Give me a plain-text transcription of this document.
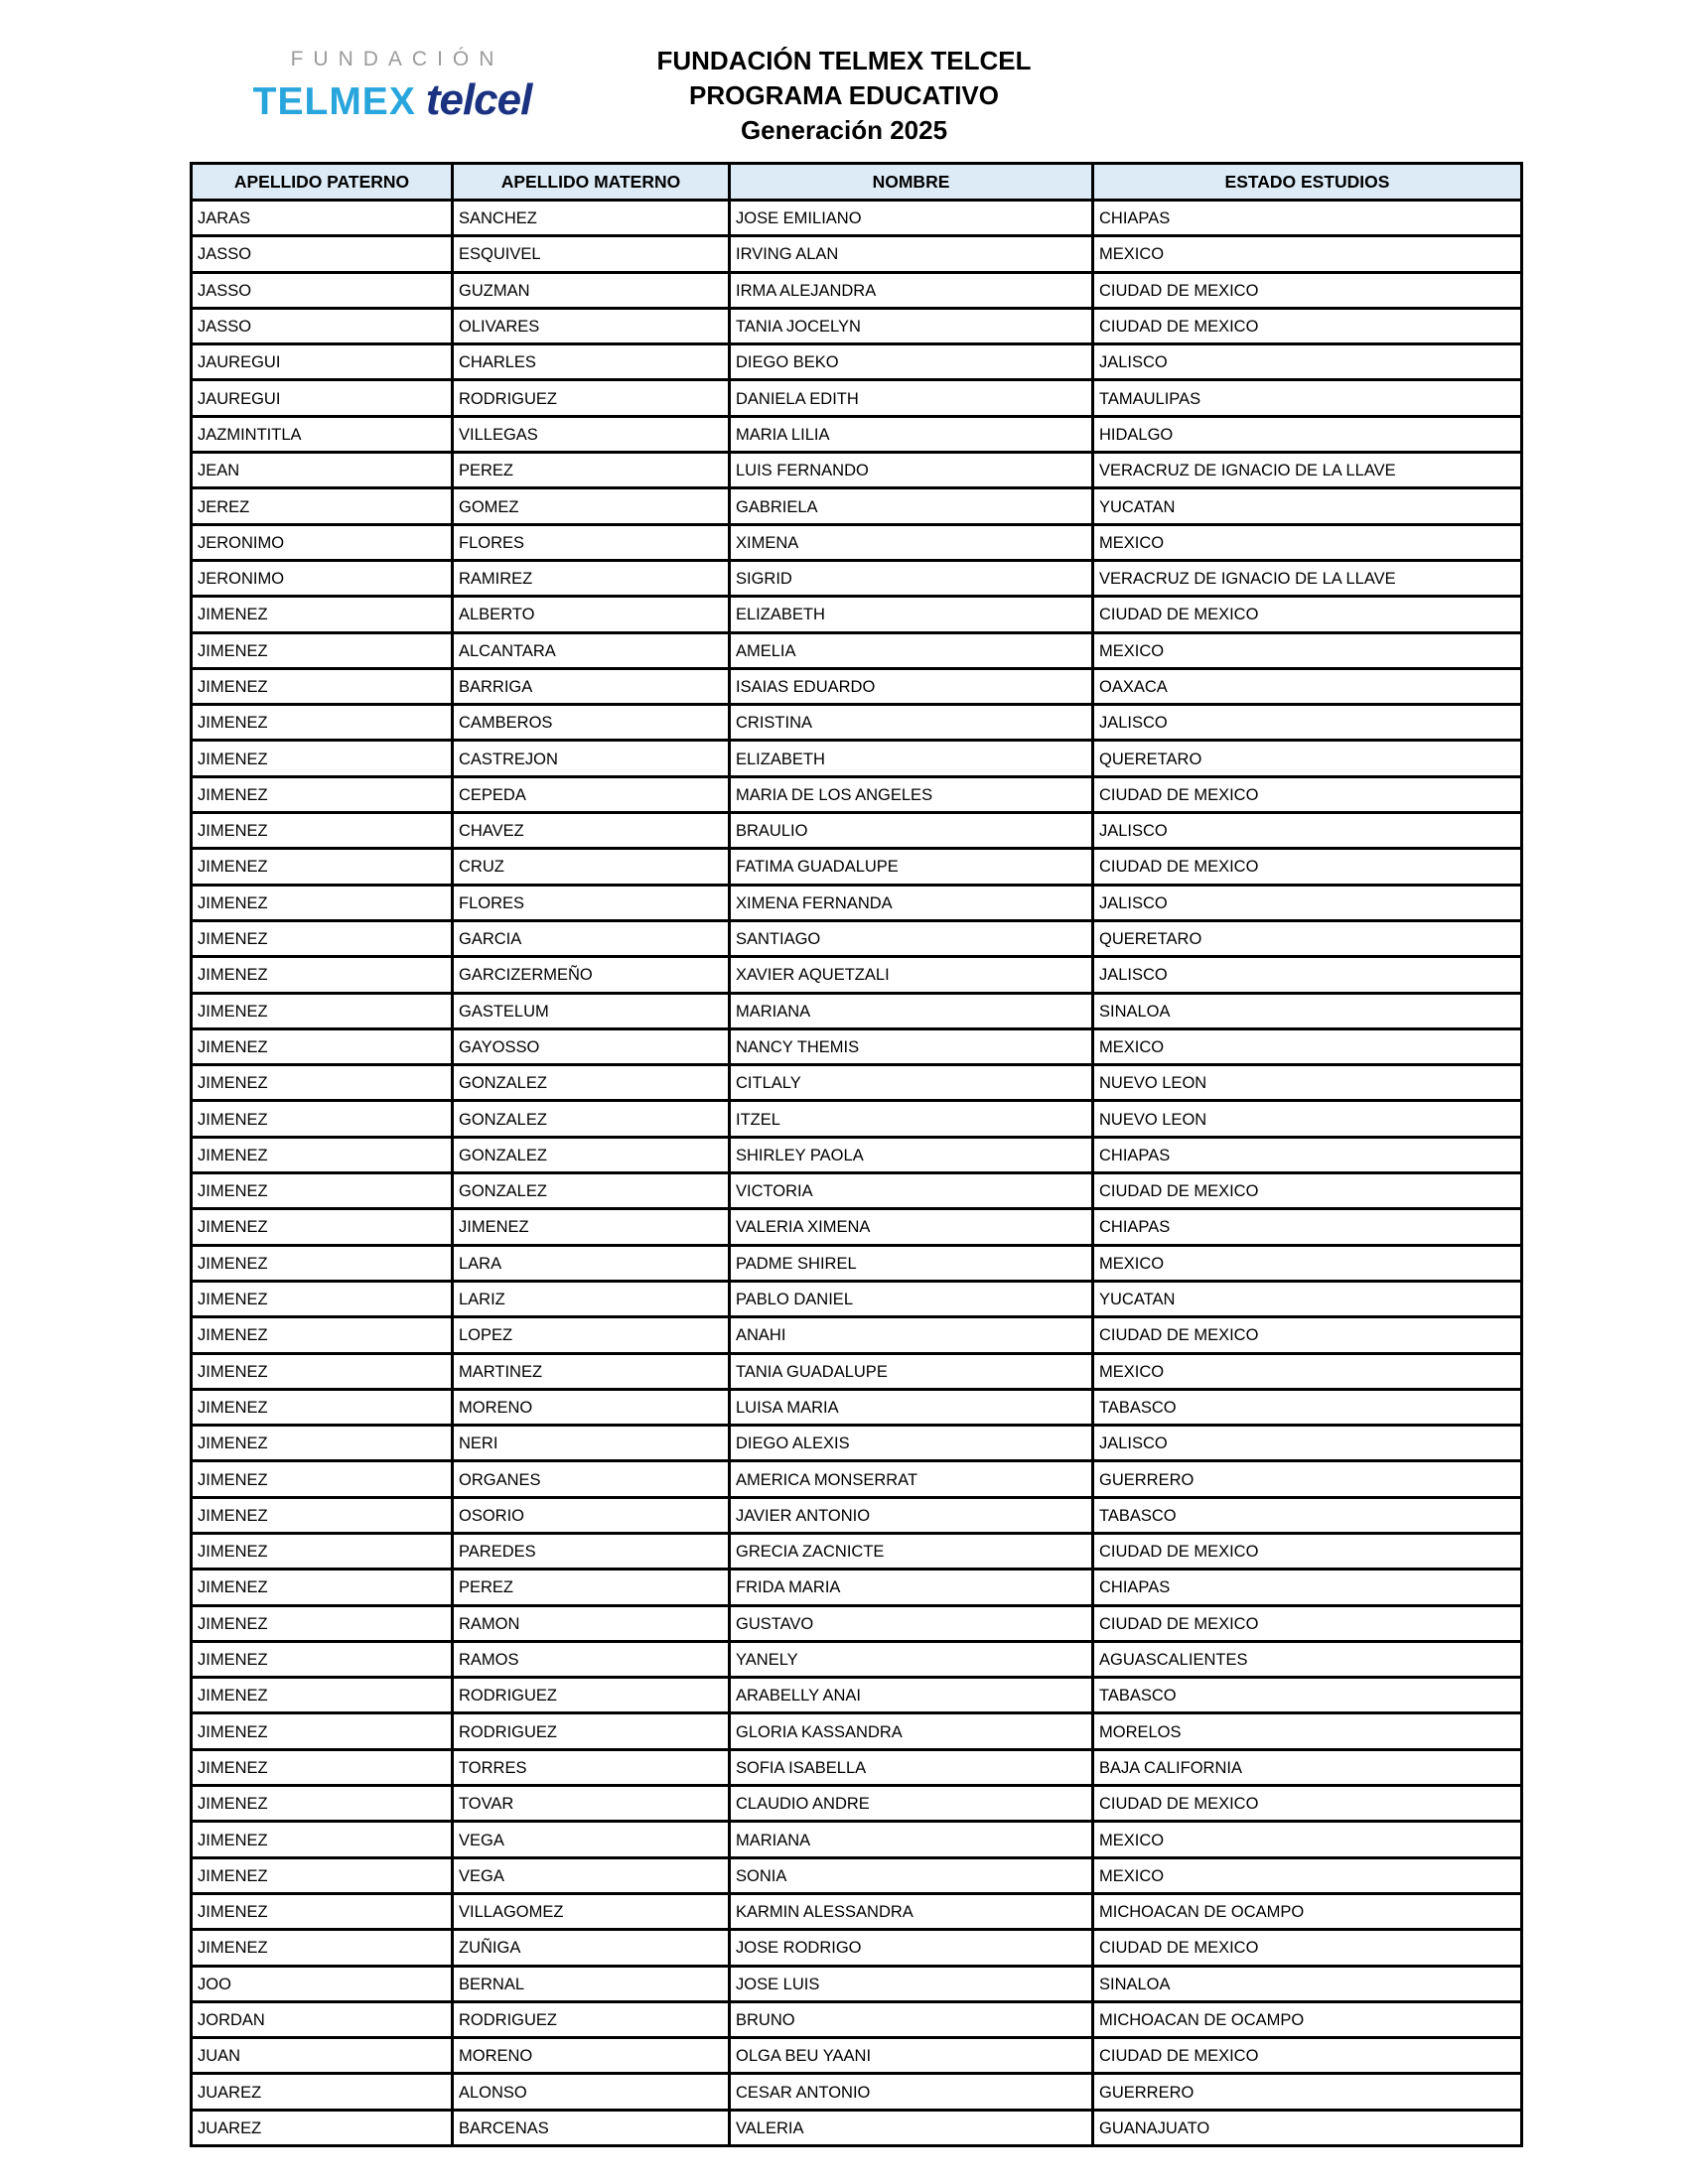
FUNDACIÓN
TELMEX telcel
FUNDACIÓN TELMEX TELCEL
PROGRAMA EDUCATIVO
Generación 2025
APELLIDO PATERNO	APELLIDO MATERNO	NOMBRE	ESTADO ESTUDIOS
JARAS	SANCHEZ	JOSE EMILIANO	CHIAPAS
JASSO	ESQUIVEL	IRVING ALAN	MEXICO
JASSO	GUZMAN	IRMA ALEJANDRA	CIUDAD DE MEXICO
JASSO	OLIVARES	TANIA JOCELYN	CIUDAD DE MEXICO
JAUREGUI	CHARLES	DIEGO BEKO	JALISCO
JAUREGUI	RODRIGUEZ	DANIELA EDITH	TAMAULIPAS
JAZMINTITLA	VILLEGAS	MARIA LILIA	HIDALGO
JEAN	PEREZ	LUIS FERNANDO	VERACRUZ DE IGNACIO DE LA LLAVE
JEREZ	GOMEZ	GABRIELA	YUCATAN
JERONIMO	FLORES	XIMENA	MEXICO
JERONIMO	RAMIREZ	SIGRID	VERACRUZ DE IGNACIO DE LA LLAVE
JIMENEZ	ALBERTO	ELIZABETH	CIUDAD DE MEXICO
JIMENEZ	ALCANTARA	AMELIA	MEXICO
JIMENEZ	BARRIGA	ISAIAS EDUARDO	OAXACA
JIMENEZ	CAMBEROS	CRISTINA	JALISCO
JIMENEZ	CASTREJON	ELIZABETH	QUERETARO
JIMENEZ	CEPEDA	MARIA DE LOS ANGELES	CIUDAD DE MEXICO
JIMENEZ	CHAVEZ	BRAULIO	JALISCO
JIMENEZ	CRUZ	FATIMA GUADALUPE	CIUDAD DE MEXICO
JIMENEZ	FLORES	XIMENA FERNANDA	JALISCO
JIMENEZ	GARCIA	SANTIAGO	QUERETARO
JIMENEZ	GARCIZERMEÑO	XAVIER AQUETZALI	JALISCO
JIMENEZ	GASTELUM	MARIANA	SINALOA
JIMENEZ	GAYOSSO	NANCY THEMIS	MEXICO
JIMENEZ	GONZALEZ	CITLALY	NUEVO LEON
JIMENEZ	GONZALEZ	ITZEL	NUEVO LEON
JIMENEZ	GONZALEZ	SHIRLEY PAOLA	CHIAPAS
JIMENEZ	GONZALEZ	VICTORIA	CIUDAD DE MEXICO
JIMENEZ	JIMENEZ	VALERIA XIMENA	CHIAPAS
JIMENEZ	LARA	PADME SHIREL	MEXICO
JIMENEZ	LARIZ	PABLO DANIEL	YUCATAN
JIMENEZ	LOPEZ	ANAHI	CIUDAD DE MEXICO
JIMENEZ	MARTINEZ	TANIA GUADALUPE	MEXICO
JIMENEZ	MORENO	LUISA MARIA	TABASCO
JIMENEZ	NERI	DIEGO ALEXIS	JALISCO
JIMENEZ	ORGANES	AMERICA MONSERRAT	GUERRERO
JIMENEZ	OSORIO	JAVIER ANTONIO	TABASCO
JIMENEZ	PAREDES	GRECIA ZACNICTE	CIUDAD DE MEXICO
JIMENEZ	PEREZ	FRIDA MARIA	CHIAPAS
JIMENEZ	RAMON	GUSTAVO	CIUDAD DE MEXICO
JIMENEZ	RAMOS	YANELY	AGUASCALIENTES
JIMENEZ	RODRIGUEZ	ARABELLY ANAI	TABASCO
JIMENEZ	RODRIGUEZ	GLORIA KASSANDRA	MORELOS
JIMENEZ	TORRES	SOFIA ISABELLA	BAJA CALIFORNIA
JIMENEZ	TOVAR	CLAUDIO ANDRE	CIUDAD DE MEXICO
JIMENEZ	VEGA	MARIANA	MEXICO
JIMENEZ	VEGA	SONIA	MEXICO
JIMENEZ	VILLAGOMEZ	KARMIN ALESSANDRA	MICHOACAN DE OCAMPO
JIMENEZ	ZUÑIGA	JOSE RODRIGO	CIUDAD DE MEXICO
JOO	BERNAL	JOSE LUIS	SINALOA
JORDAN	RODRIGUEZ	BRUNO	MICHOACAN DE OCAMPO
JUAN	MORENO	OLGA BEU YAANI	CIUDAD DE MEXICO
JUAREZ	ALONSO	CESAR ANTONIO	GUERRERO
JUAREZ	BARCENAS	VALERIA	GUANAJUATO
